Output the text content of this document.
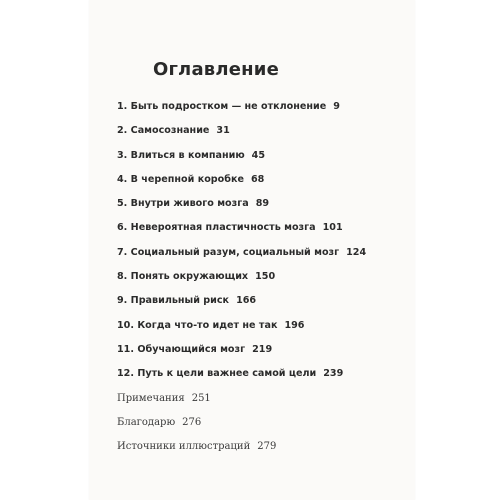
Оглавление
1. Быть подростком — не отклонение 9
2. Самосознание 31
3. Влиться в компанию 45
4. В черепной коробке 68
5. Внутри живого мозга 89
6. Невероятная пластичность мозга 101
7. Социальный разум, социальный мозг 124
8. Понять окружающих 150
9. Правильный риск 166
10. Когда что-то идет не так 196
11. Обучающийся мозг 219
12. Путь к цели важнее самой цели 239
Примечания 251
Благодарю 276
Источники иллюстраций 279
